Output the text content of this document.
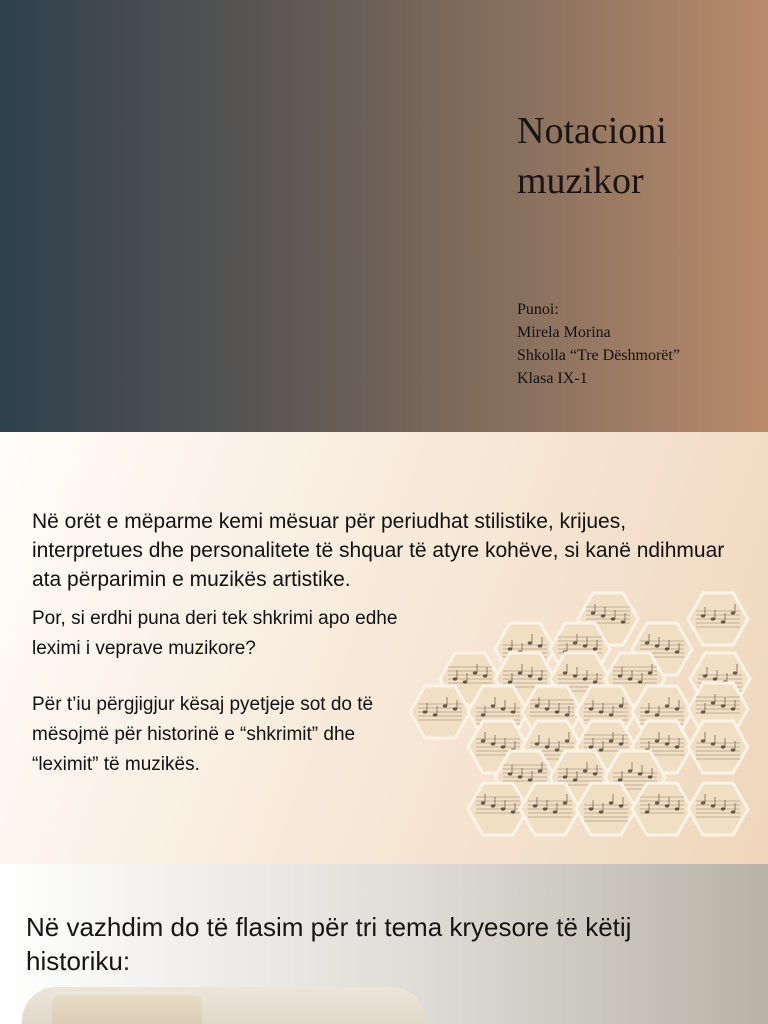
Notacioni
muzikor
Punoi:
Mirela Morina
Shkolla “Tre Dëshmorët”
Klasa IX-1

Në orët e mëparme kemi mësuar për periudhat stilistike, krijues, interpretues dhe personalitete të shquar të atyre kohëve, si kanë ndihmuar ata përparimin e muzikës artistike.

Por, si erdhi puna deri tek shkrimi apo edhe leximi i veprave muzikore?

Për t’iu përgjigjur kësaj pyetjeje sot do të mësojmë për historinë e “shkrimit” dhe “leximit” të muzikës.

Në vazhdim do të flasim për tri tema kryesore të këtij historiku:
